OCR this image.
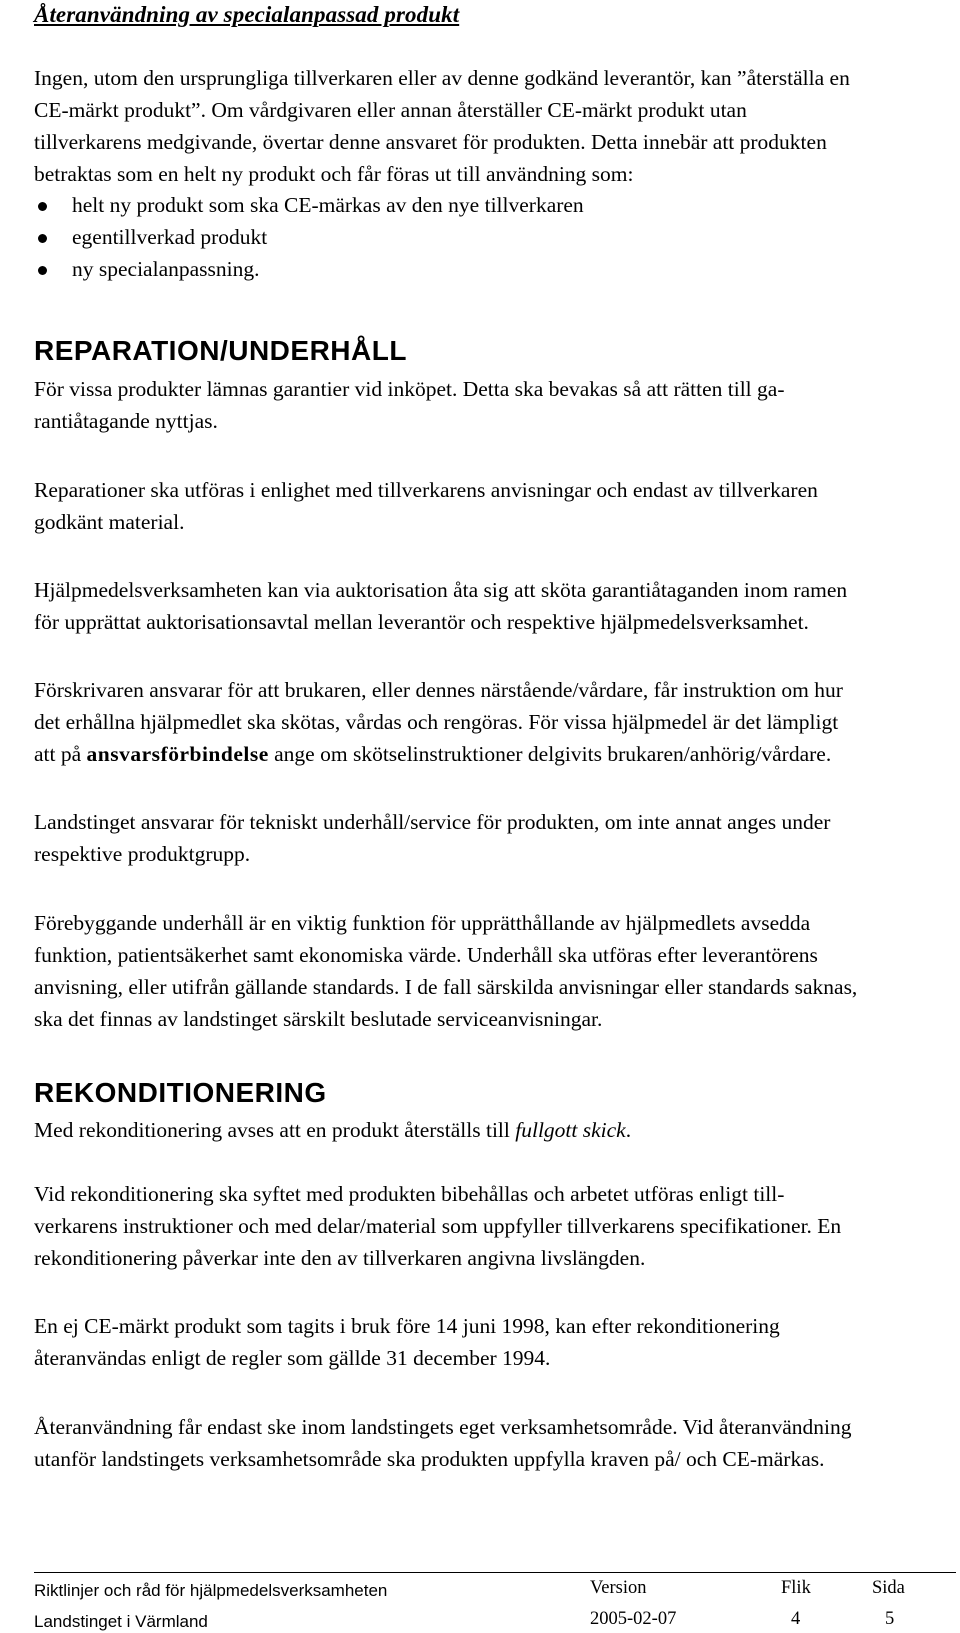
Återanvändning av specialanpassad produkt

Ingen, utom den ursprungliga tillverkaren eller av denne godkänd leverantör, kan ”återställa en
CE-märkt produkt”. Om vårdgivaren eller annan återställer CE-märkt produkt utan
tillverkarens medgivande, övertar denne ansvaret för produkten. Detta innebär att produkten
betraktas som en helt ny produkt och får föras ut till användning som:

helt ny produkt som ska CE-märkas av den nye tillverkaren
egentillverkad produkt
ny specialanpassning.
REPARATION/UNDERHÅLL

För vissa produkter lämnas garantier vid inköpet. Detta ska bevakas så att rätten till ga-
rantiåtagande nyttjas.

Reparationer ska utföras i enlighet med tillverkarens anvisningar och endast av tillverkaren
godkänt material.

Hjälpmedelsverksamheten kan via auktorisation åta sig att sköta garantiåtaganden inom ramen
för upprättat auktorisationsavtal mellan leverantör och respektive hjälpmedelsverksamhet.

Förskrivaren ansvarar för att brukaren, eller dennes närstående/vårdare, får instruktion om hur
det erhållna hjälpmedlet ska skötas, vårdas och rengöras. För vissa hjälpmedel är det lämpligt
att på ansvarsförbindelse ange om skötselinstruktioner delgivits brukaren/anhörig/vårdare.

Landstinget ansvarar för tekniskt underhåll/service för produkten, om inte annat anges under
respektive produktgrupp.

Förebyggande underhåll är en viktig funktion för upprätthållande av hjälpmedlets avsedda
funktion, patientsäkerhet samt ekonomiska värde. Underhåll ska utföras efter leverantörens
anvisning, eller utifrån gällande standards. I de fall särskilda anvisningar eller standards saknas,
ska det finnas av landstinget särskilt beslutade serviceanvisningar.

REKONDITIONERING

Med rekonditionering avses att en produkt återställs till fullgott skick.

Vid rekonditionering ska syftet med produkten bibehållas och arbetet utföras enligt till-
verkarens instruktioner och med delar/material som uppfyller tillverkarens specifikationer. En
rekonditionering påverkar inte den av tillverkaren angivna livslängden.

En ej CE-märkt produkt som tagits i bruk före 14 juni 1998, kan efter rekonditionering
återanvändas enligt de regler som gällde 31 december 1994.

Återanvändning får endast ske inom landstingets eget verksamhetsområde. Vid återanvändning
utanför landstingets verksamhetsområde ska produkten uppfylla kraven på/ och CE-märkas.

Riktlinjer och råd för hjälpmedelsverksamheten
Landstinget i Värmland
Version
2005-02-07
Flik
4
Sida
5
